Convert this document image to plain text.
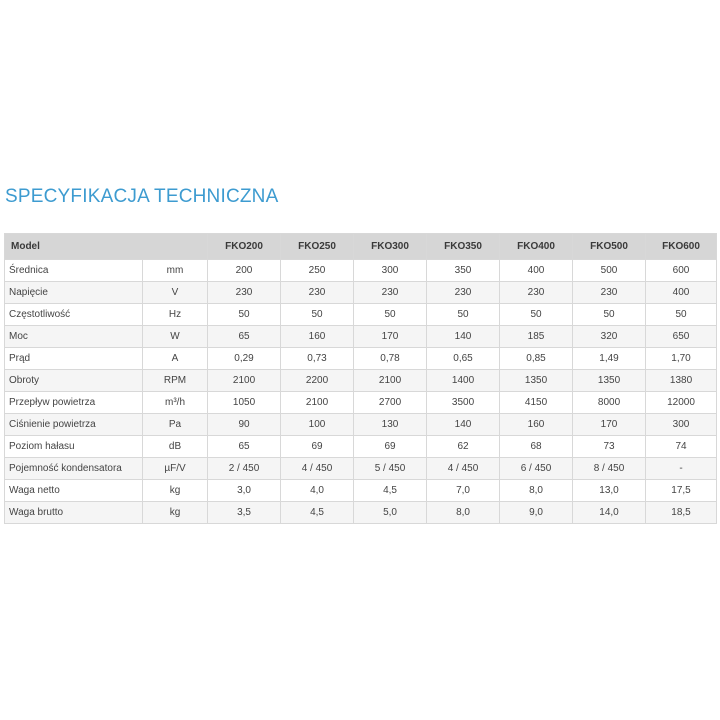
SPECYFIKACJA TECHNICZNA
Model		FKO200	FKO250	FKO300	FKO350	FKO400	FKO500	FKO600
Średnica	mm	200	250	300	350	400	500	600
Napięcie	V	230	230	230	230	230	230	400
Częstotliwość	Hz	50	50	50	50	50	50	50
Moc	W	65	160	170	140	185	320	650
Prąd	A	0,29	0,73	0,78	0,65	0,85	1,49	1,70
Obroty	RPM	2100	2200	2100	1400	1350	1350	1380
Przepływ powietrza	m³/h	1050	2100	2700	3500	4150	8000	12000
Ciśnienie powietrza	Pa	90	100	130	140	160	170	300
Poziom hałasu	dB	65	69	69	62	68	73	74
Pojemność kondensatora	µF/V	2 / 450	4 / 450	5 / 450	4 / 450	6 / 450	8 / 450	-
Waga netto	kg	3,0	4,0	4,5	7,0	8,0	13,0	17,5
Waga brutto	kg	3,5	4,5	5,0	8,0	9,0	14,0	18,5
